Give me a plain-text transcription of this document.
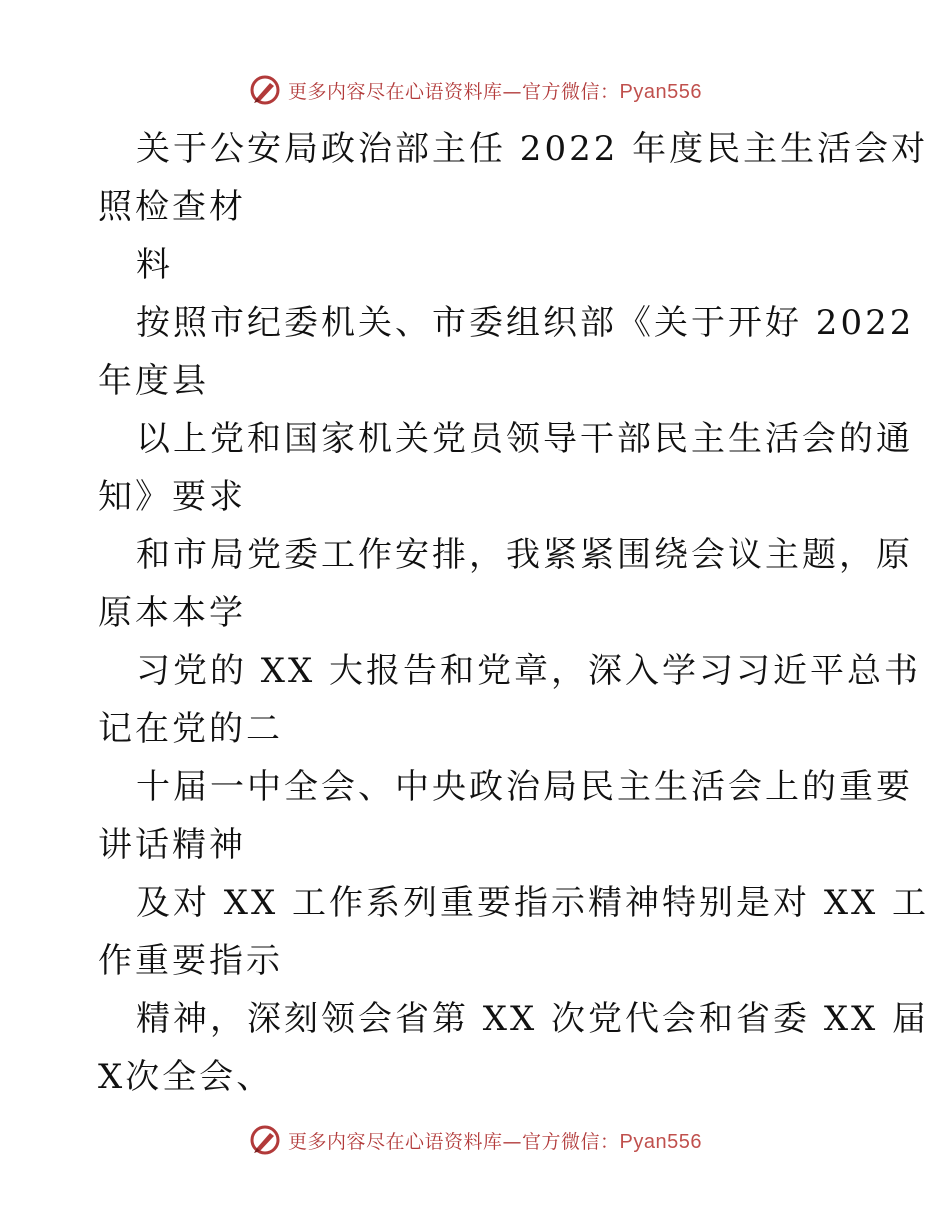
更多内容尽在心语资料库—官方微信：Pyan556

关于公安局政治部主任 2022 年度民主生活会对

照检查材

料

按照市纪委机关、市委组织部《关于开好 2022

年度县

以上党和国家机关党员领导干部民主生活会的通

知》要求

和市局党委工作安排，我紧紧围绕会议主题，原

原本本学

习党的 XX 大报告和党章，深入学习习近平总书

记在党的二

十届一中全会、中央政治局民主生活会上的重要

讲话精神

及对 XX 工作系列重要指示精神特别是对 XX 工

作重要指示

精神，深刻领会省第 XX 次党代会和省委 XX 届

X次全会、

更多内容尽在心语资料库—官方微信：Pyan556
